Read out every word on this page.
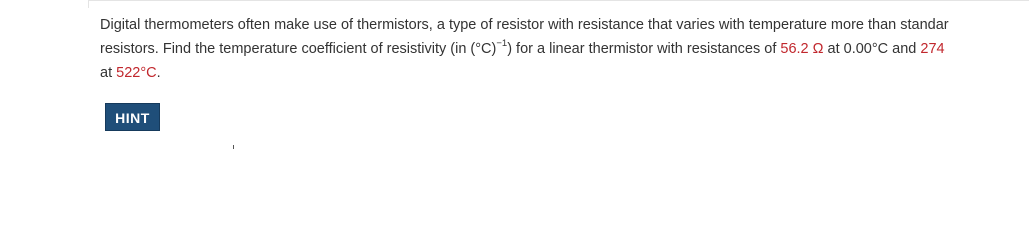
Digital thermometers often make use of thermistors, a type of resistor with resistance that varies with temperature more than standar
resistors. Find the temperature coefficient of resistivity (in $(^\circ C)^{-1}$) for a linear thermistor with resistances of 56.2 Ω at 0.00°C and 274
at 522°C.
HINT
